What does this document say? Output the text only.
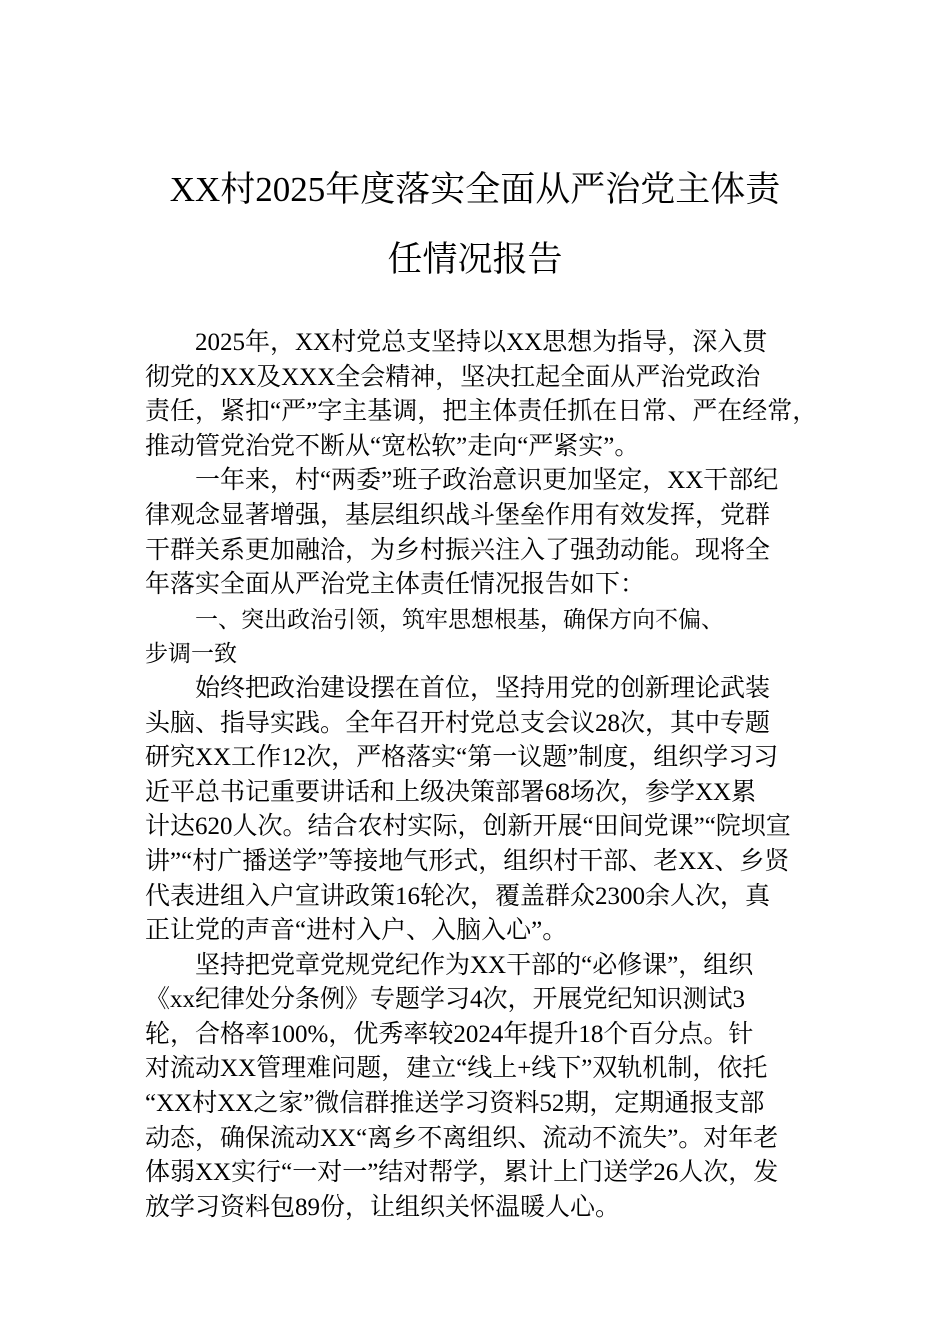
XX村2025年度落实全面从严治党主体责
任情况报告
2025年，XX村党总支坚持以XX思想为指导，深入贯
彻党的XX及XXX全会精神，坚决扛起全面从严治党政治
责任，紧扣“严”字主基调，把主体责任抓在日常、严在经常，
推动管党治党不断从“宽松软”走向“严紧实”。
一年来，村“两委”班子政治意识更加坚定，XX干部纪
律观念显著增强，基层组织战斗堡垒作用有效发挥，党群
干群关系更加融洽，为乡村振兴注入了强劲动能。现将全
年落实全面从严治党主体责任情况报告如下：
一、突出政治引领，筑牢思想根基，确保方向不偏、
步调一致
始终把政治建设摆在首位，坚持用党的创新理论武装
头脑、指导实践。全年召开村党总支会议28次，其中专题
研究XX工作12次，严格落实“第一议题”制度，组织学习习
近平总书记重要讲话和上级决策部署68场次，参学XX累
计达620人次。结合农村实际，创新开展“田间党课”“院坝宣
讲”“村广播送学”等接地气形式，组织村干部、老XX、乡贤
代表进组入户宣讲政策16轮次，覆盖群众2300余人次，真
正让党的声音“进村入户、入脑入心”。
坚持把党章党规党纪作为XX干部的“必修课”，组织
《xx纪律处分条例》专题学习4次，开展党纪知识测试3
轮，合格率100%，优秀率较2024年提升18个百分点。针
对流动XX管理难问题，建立“线上+线下”双轨机制，依托
“XX村XX之家”微信群推送学习资料52期，定期通报支部
动态，确保流动XX“离乡不离组织、流动不流失”。对年老
体弱XX实行“一对一”结对帮学，累计上门送学26人次，发
放学习资料包89份，让组织关怀温暖人心。
